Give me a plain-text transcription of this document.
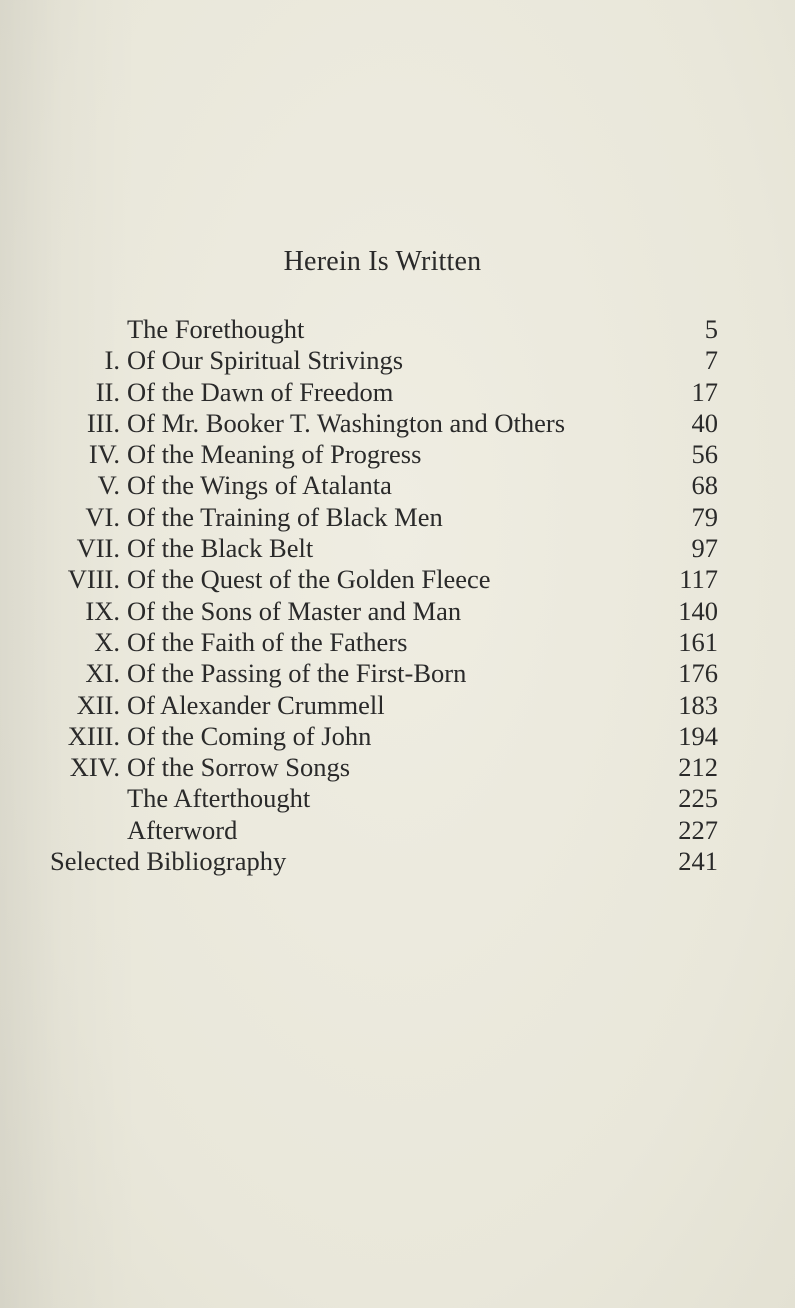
Herein Is Written
The Forethought	5
I. Of Our Spiritual Strivings	7
II. Of the Dawn of Freedom	17
III. Of Mr. Booker T. Washington and Others	40
IV. Of the Meaning of Progress	56
V. Of the Wings of Atalanta	68
VI. Of the Training of Black Men	79
VII. Of the Black Belt	97
VIII. Of the Quest of the Golden Fleece	117
IX. Of the Sons of Master and Man	140
X. Of the Faith of the Fathers	161
XI. Of the Passing of the First-Born	176
XII. Of Alexander Crummell	183
XIII. Of the Coming of John	194
XIV. Of the Sorrow Songs	212
The Afterthought	225
Afterword	227
Selected Bibliography	241
